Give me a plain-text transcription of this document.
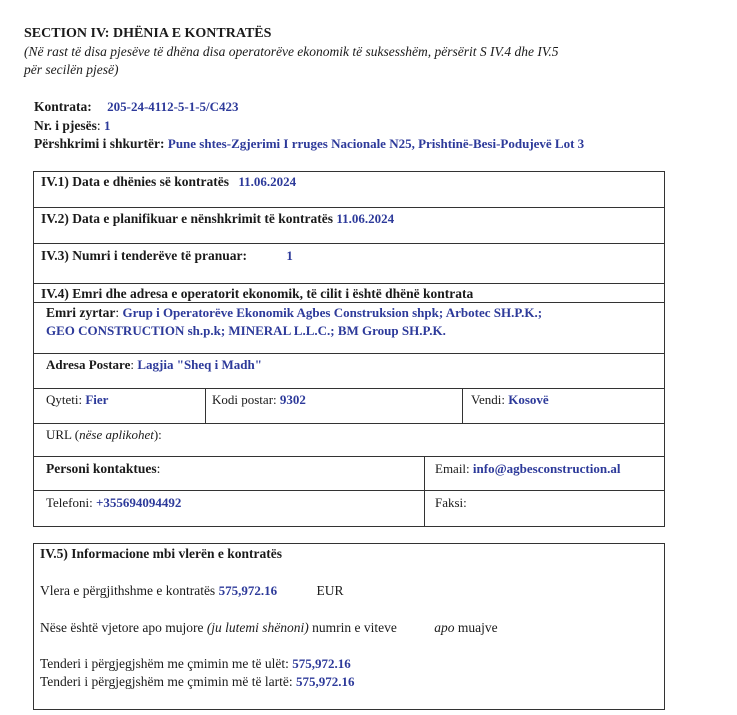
SECTION IV: DHËNIA E KONTRATËS
(Në rast të disa pjesëve të dhëna disa operatorëve ekonomik të suksesshëm, përsërit S IV.4 dhe IV.5
për secilën pjesë)
Kontrata: 205-24-4112-5-1-5/C423
Nr. i pjesës: 1
Përshkrimi i shkurtër: Pune shtes-Zgjerimi I rruges Nacionale N25, Prishtinë-Besi-Podujevë Lot 3
IV.1) Data e dhënies së kontratës 11.06.2024
IV.2) Data e planifikuar e nënshkrimit të kontratës 11.06.2024
IV.3) Numri i tenderëve të pranuar:	1
IV.4) Emri dhe adresa e operatorit ekonomik, të cilit i është dhënë kontrata
Emri zyrtar: Grup i Operatorëve Ekonomik Agbes Construksion shpk; Arbotec SH.P.K.;
GEO CONSTRUCTION sh.p.k; MINERAL L.L.C.; BM Group SH.P.K.
Adresa Postare: Lagjia "Sheq i Madh"
Qyteti: Fier	Kodi postar: 9302	Vendi: Kosovë
URL (nëse aplikohet):
Personi kontaktues:	Email: info@agbesconstruction.al
Telefoni: +355694094492	Faksi:
IV.5) Informacione mbi vlerën e kontratës
Vlera e përgjithshme e kontratës 575,972.16	EUR
Nëse është vjetore apo mujore (ju lutemi shënoni) numrin e viteve	apo muajve
Tenderi i përgjegjshëm me çmimin me të ulët: 575,972.16
Tenderi i përgjegjshëm me çmimin më të lartë: 575,972.16
